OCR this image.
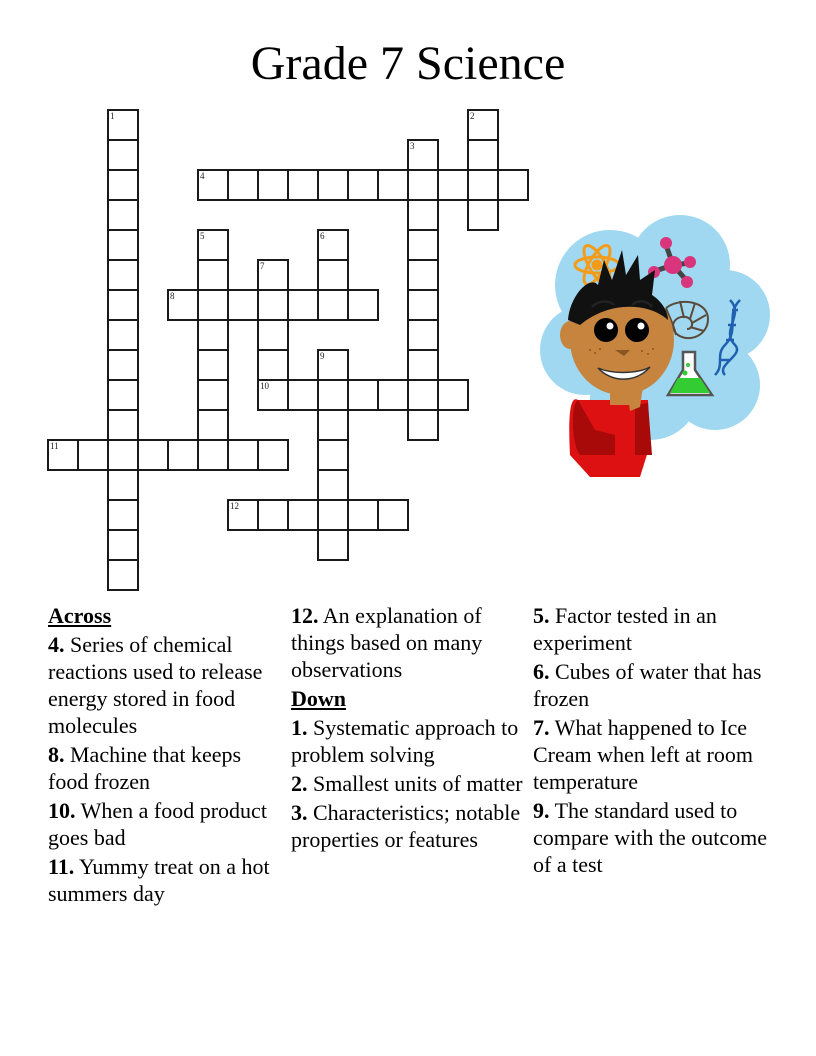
Grade 7 Science
1	2
3
4
5	6
7
10
8
9
11
12
Across
4. Series of chemical reactions used to release energy stored in food molecules
8. Machine that keeps food frozen
10. When a food product goes bad
11. Yummy treat on a hot summers day
12. An explanation of things based on many observations
Down
1. Systematic approach to problem solving
2. Smallest units of matter
3. Characteristics; notable properties or features
5. Factor tested in an experiment
6. Cubes of water that has frozen
7. What happened to Ice Cream when left at room temperature
9. The standard used to compare with the outcome of a test
